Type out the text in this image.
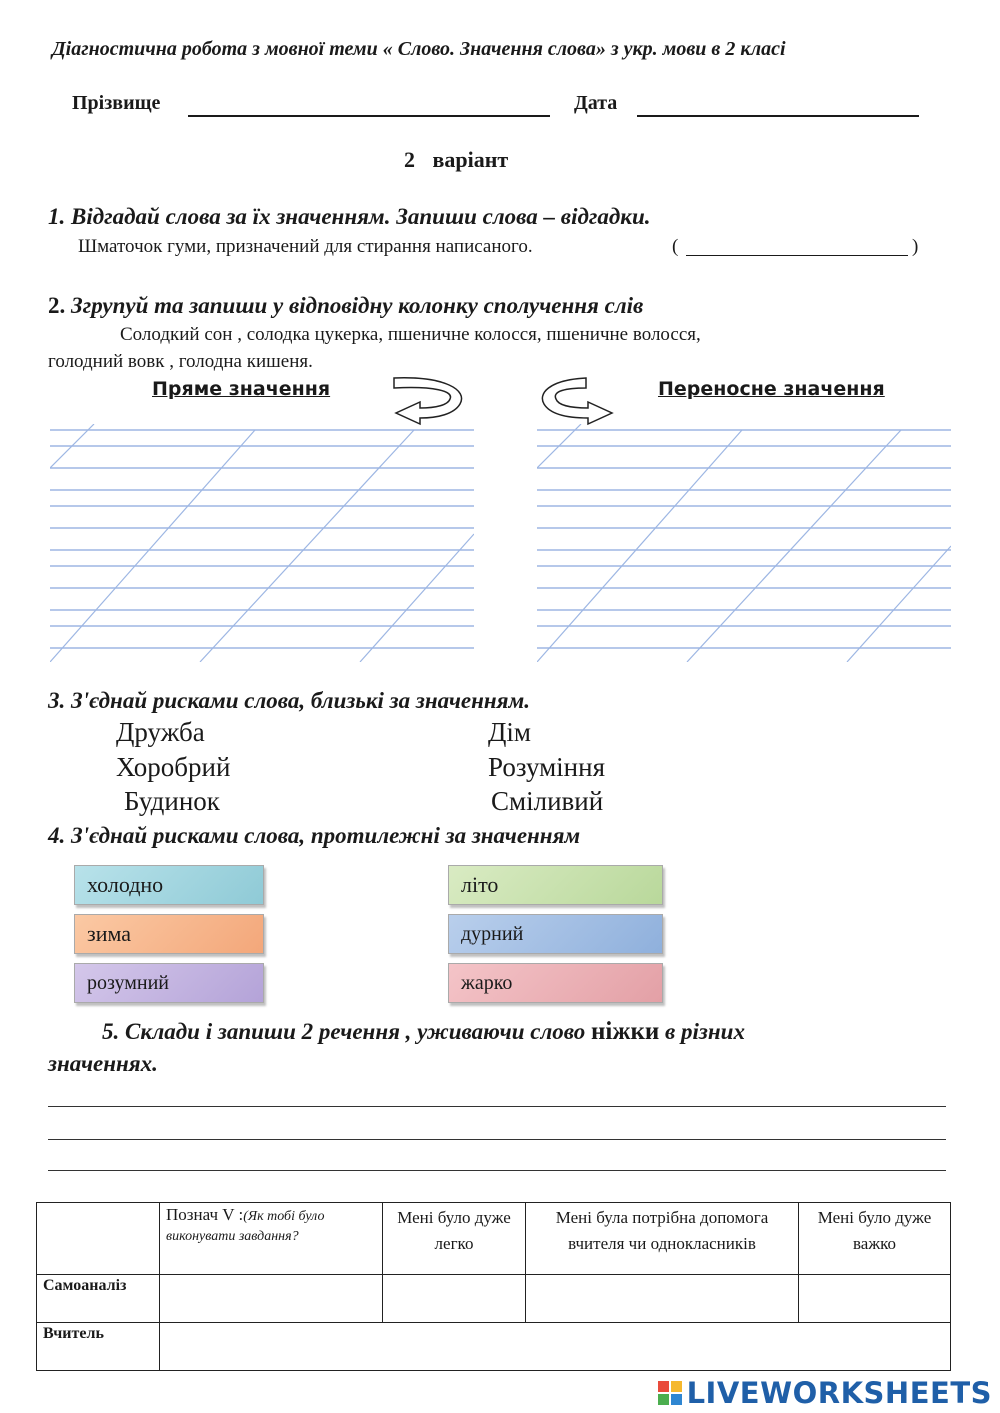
Діагностична робота з мовної теми « Слово. Значення слова» з укр. мови в 2 класі
Прізвище	Дата
2 варіант
1. Відгадай слова за їх значенням. Запиши слова – відгадки.
Шматочок гуми, призначений для стирання написаного.	(	)
2. Згрупуй та запиши у відповідну колонку сполучення слів
Солодкий сон , солодка цукерка, пшеничне колосся, пшеничне волосся,
голодний вовк , голодна кишеня.
Пряме значення	Переносне значення
3. З'єднай рисками слова, близькі за значенням.
Дружба
Хоробрий
Будинок
Дім
Розуміння
Сміливий
4. З'єднай рисками слова, протилежні за значенням
холодно
зима
розумний
літо
дурний
жарко
5. Склади і запиши 2 речення , уживаючи слово ніжки в різних
значеннях.
	Познач V :(Як тобі було виконувати завдання?	Мені було дуже легко	Мені була потрібна допомога вчителя чи однокласників	Мені було дуже важко
Самоаналіз				
Вчитель				
LIVEWORKSHEETS
